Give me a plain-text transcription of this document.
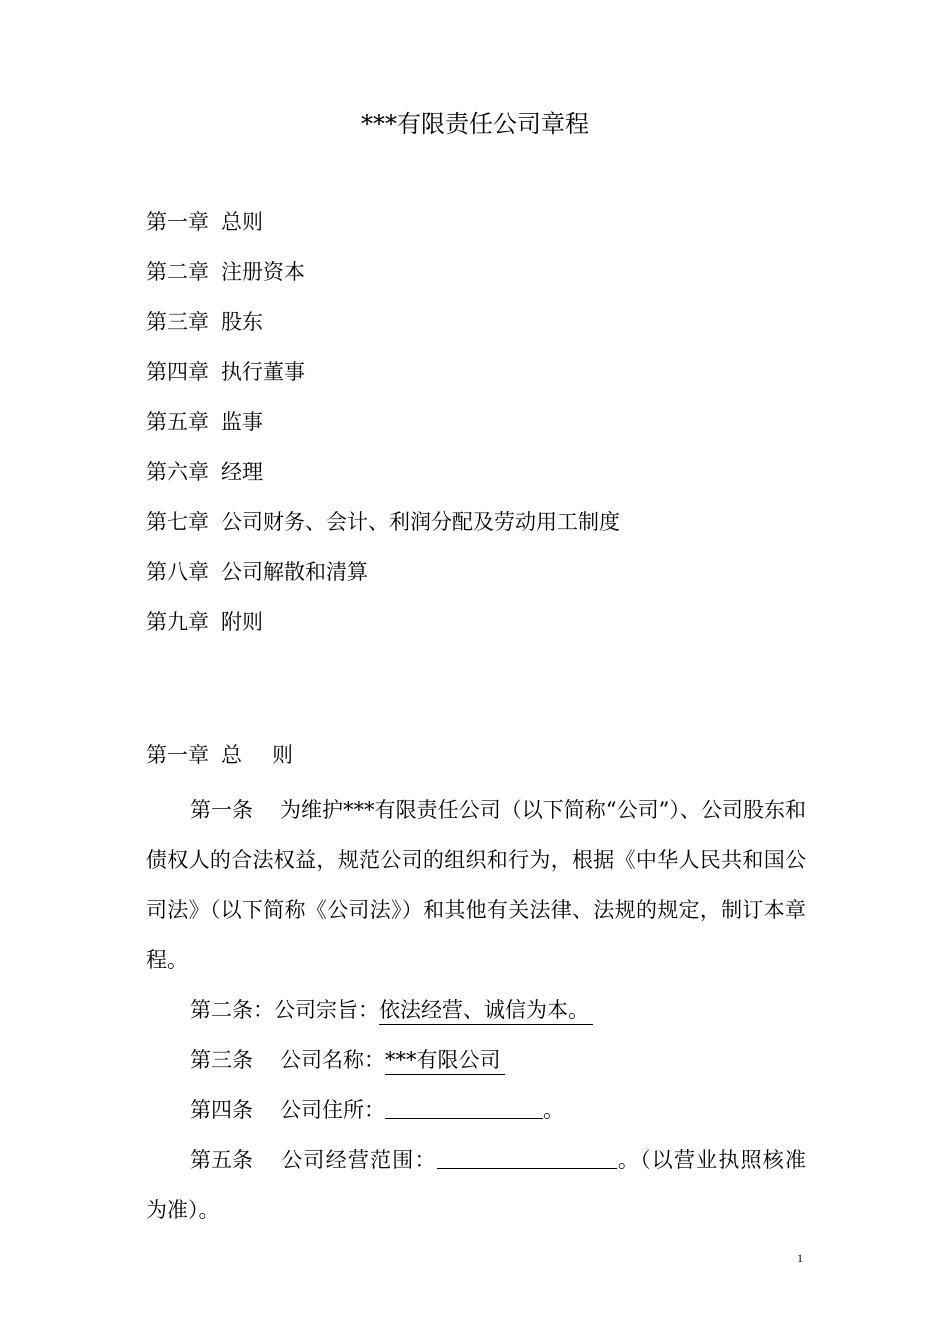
***有限责任公司章程
第一章 总则
第二章 注册资本
第三章 股东
第四章 执行董事
第五章 监事
第六章 经理
第七章 公司财务、会计、利润分配及劳动用工制度
第八章 公司解散和清算
第九章 附则
第一章 总 则

第一条 为维护***有限责任公司（以下简称“公司”）、公司股东和债权人的合法权益，规范公司的组织和行为，根据《中华人民共和国公司法》（以下简称《公司法》）和其他有关法律、法规的规定，制订本章程。

第二条：公司宗旨：依法经营、诚信为本。

第三条 公司名称：***有限公司

第四条 公司住所：	。

第五条 公司经营范围：	。（以营业执照核准为准）。

1
